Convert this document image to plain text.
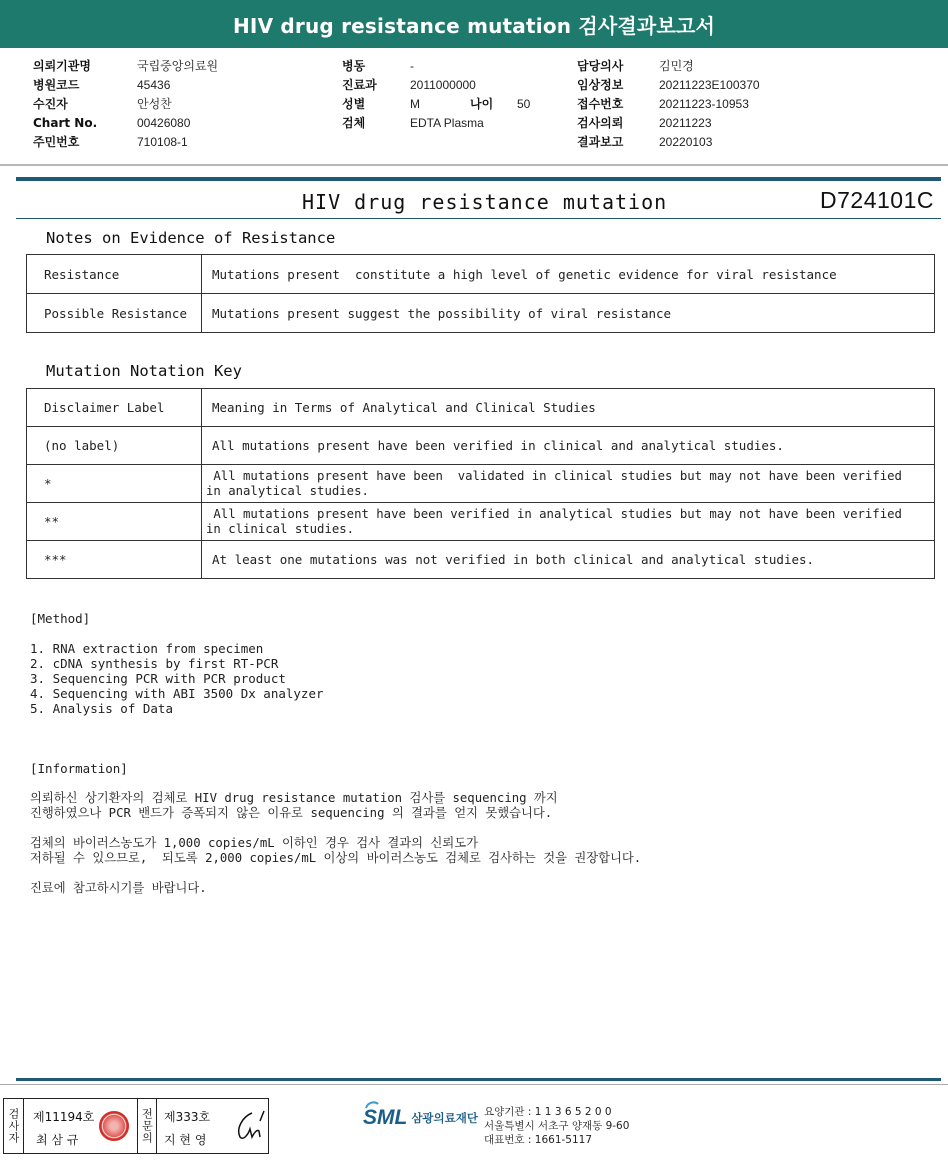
HIV drug resistance mutation 검사결과보고서
의뢰기관명	국립중앙의료원
병원코드	45436
수진자	안성찬
Chart No.	00426080
주민번호	710108-1
병동	-
진료과	2011000000
성별	M	나이	50
검체	EDTA Plasma
담당의사	김민경
임상정보	20211223E100370
접수번호	20211223-10953
검사의뢰	20211223
결과보고	20220103
HIV drug resistance mutation	D724101C
Notes on Evidence of Resistance
Resistance	Mutations present  constitute a high level of genetic evidence for viral resistance
Possible Resistance	Mutations present suggest the possibility of viral resistance
Mutation Notation Key
Disclaimer Label	Meaning in Terms of Analytical and Clinical Studies
(no label)	All mutations present have been verified in clinical and analytical studies.
*	All mutations present have been  validated in clinical studies but may not have been verified
in analytical studies.
**	All mutations present have been verified in analytical studies but may not have been verified
in clinical studies.
***	At least one mutations was not verified in both clinical and analytical studies.
[Method]
1. RNA extraction from specimen
2. cDNA synthesis by first RT-PCR
3. Sequencing PCR with PCR product
4. Sequencing with ABI 3500 Dx analyzer
5. Analysis of Data
[Information]
의뢰하신 상기환자의 검체로 HIV drug resistance mutation 검사를 sequencing 까지
진행하였으나 PCR 밴드가 증폭되지 않은 이유로 sequencing 의 결과를 얻지 못했습니다.
검체의 바이러스농도가 1,000 copies/mL 이하인 경우 검사 결과의 신뢰도가
저하될 수 있으므로,  되도록 2,000 copies/mL 이상의 바이러스농도 검체로 검사하는 것을 권장합니다.
진료에 참고하시기를 바랍니다.
검사자 제11194호
최 삼 규	전문의 제333호
지 현 영
SML 삼광의료재단 요양기관 : 1 1 3 6 5 2 0 0
서울특별시 서초구 양재동 9-60
대표번호 : 1661-5117
